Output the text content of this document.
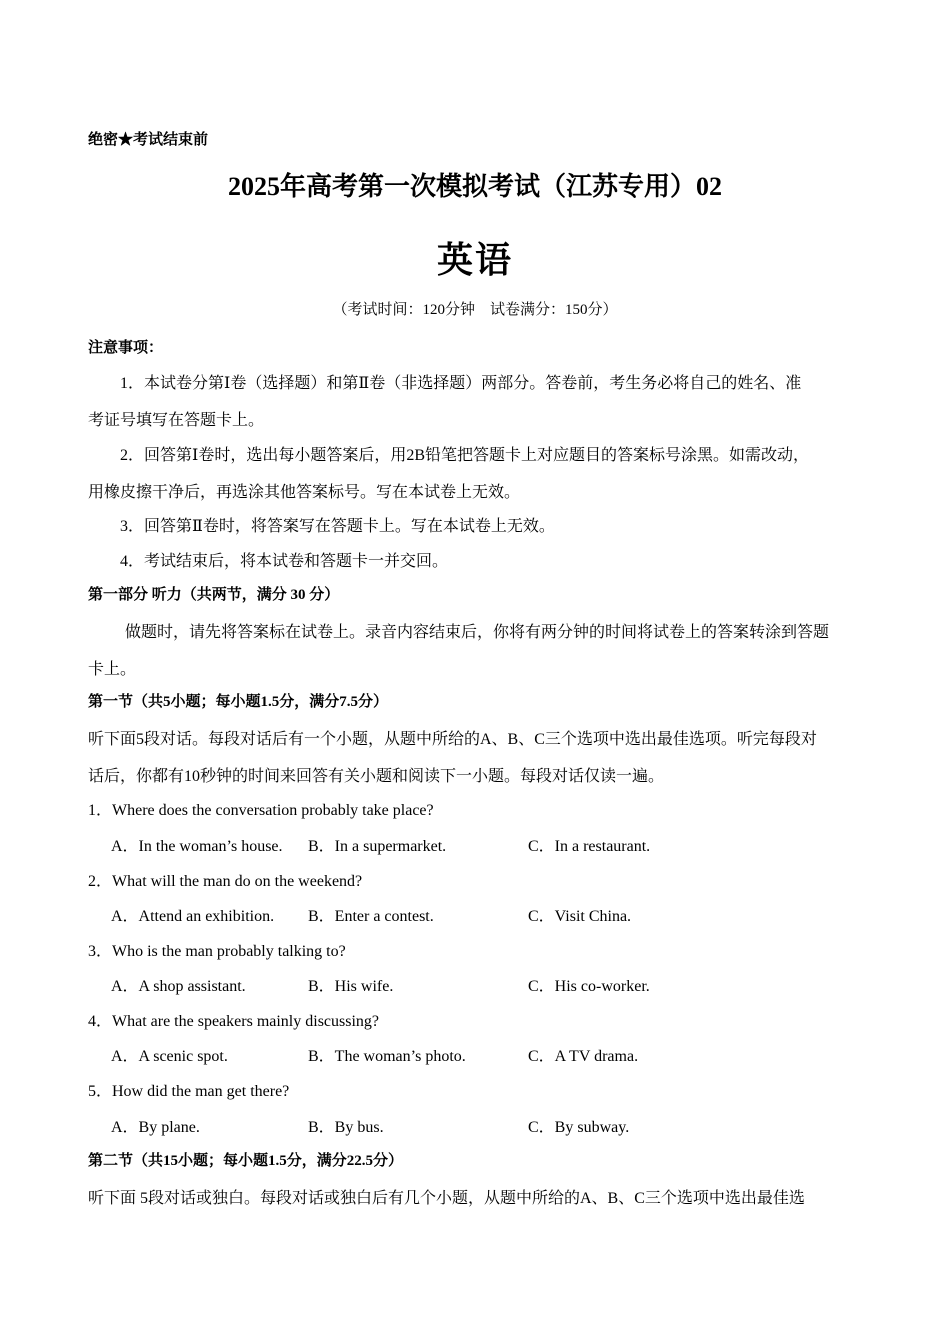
绝密★考试结束前
2025年高考第一次模拟考试（江苏专用）02
英语
（考试时间：120分钟　试卷满分：150分）
注意事项：
1．本试卷分第Ⅰ卷（选择题）和第Ⅱ卷（非选择题）两部分。答卷前，考生务必将自己的姓名、准
考证号填写在答题卡上。
2．回答第Ⅰ卷时，选出每小题答案后，用2B铅笔把答题卡上对应题目的答案标号涂黑。如需改动，
用橡皮擦干净后，再选涂其他答案标号。写在本试卷上无效。
3．回答第Ⅱ卷时，将答案写在答题卡上。写在本试卷上无效。
4．考试结束后，将本试卷和答题卡一并交回。
第一部分 听力（共两节，满分 30 分）
做题时，请先将答案标在试卷上。录音内容结束后，你将有两分钟的时间将试卷上的答案转涂到答题
卡上。
第一节（共5小题；每小题1.5分，满分7.5分）
听下面5段对话。每段对话后有一个小题，从题中所给的A、B、C三个选项中选出最佳选项。听完每段对
话后，你都有10秒钟的时间来回答有关小题和阅读下一小题。每段对话仅读一遍。
1．Where does the conversation probably take place?
A．In the woman’s house. B．In a supermarket.	C．In a restaurant.
2．What will the man do on the weekend?
A．Attend an exhibition. B．Enter a contest.	C．Visit China.
3．Who is the man probably talking to?
A．A shop assistant.	B．His wife.	C．His co-worker.
4．What are the speakers mainly discussing?
A．A scenic spot.	B．The woman’s photo.	C．A TV drama.
5．How did the man get there?
A．By plane.	B．By bus.	C．By subway.
第二节（共15小题；每小题1.5分，满分22.5分）
听下面 5段对话或独白。每段对话或独白后有几个小题，从题中所给的A、B、C三个选项中选出最佳选
